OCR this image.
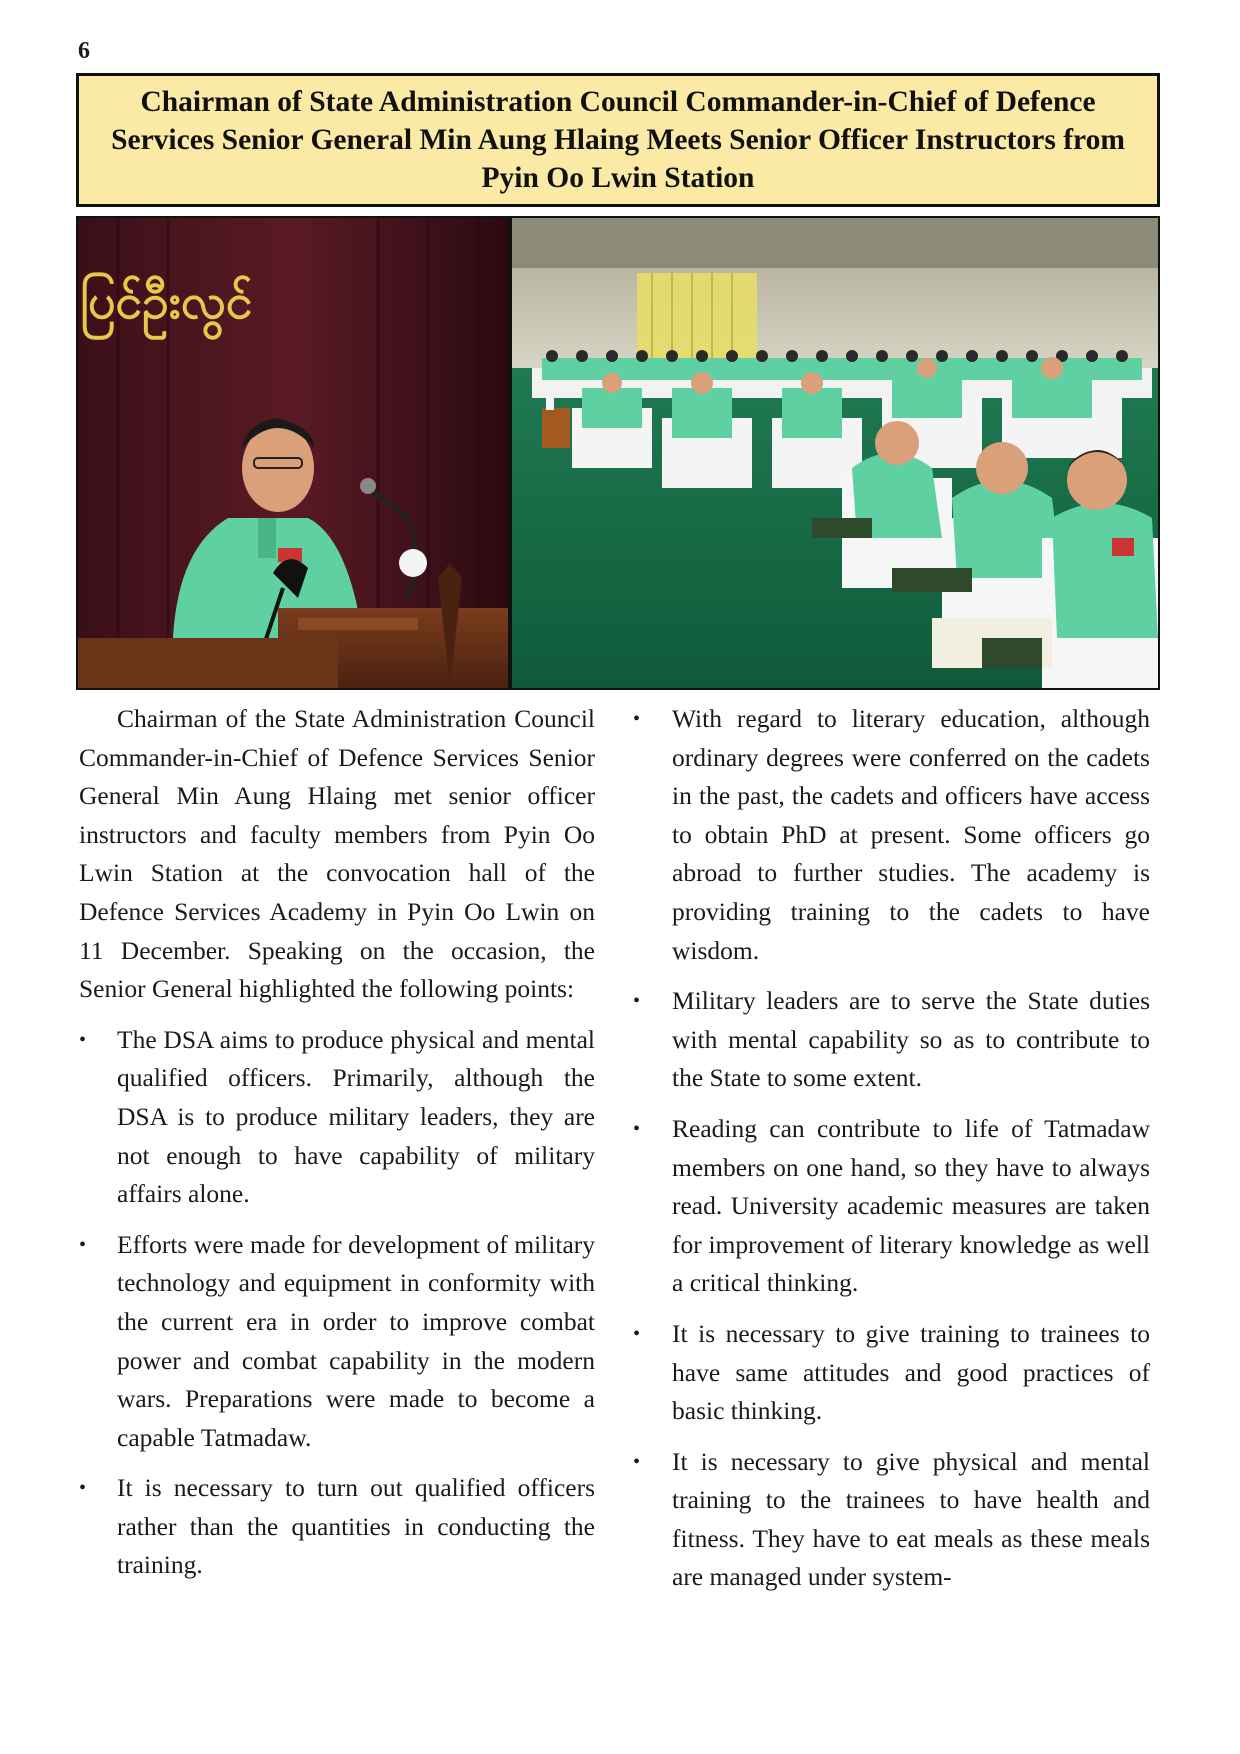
6
Chairman of State Administration Council Commander-in-Chief of Defence Services Senior General Min Aung Hlaing Meets Senior Officer Instructors from Pyin Oo Lwin Station
ပြင်ဦးလွင်

Chairman of the State Administration Council Commander-in-Chief of Defence Services Senior General Min Aung Hlaing met senior officer instructors and faculty members from Pyin Oo Lwin Station at the convocation hall of the Defence Services Academy in Pyin Oo Lwin on 11 December. Speaking on the occasion, the Senior General highlighted the following points:

• The DSA aims to produce physical and mental qualified officers. Primarily, although the DSA is to produce military leaders, they are not enough to have capability of military affairs alone.
• Efforts were made for development of military technology and equipment in conformity with the current era in order to improve combat power and combat capability in the modern wars. Preparations were made to become a capable Tatmadaw.
• It is necessary to turn out qualified officers rather than the quantities in conducting the training.
• With regard to literary education, although ordinary degrees were conferred on the cadets in the past, the cadets and officers have access to obtain PhD at present. Some officers go abroad to further studies. The academy is providing training to the cadets to have wisdom.
• Military leaders are to serve the State duties with mental capability so as to contribute to the State to some extent.
• Reading can contribute to life of Tatmadaw members on one hand, so they have to always read. University academic measures are taken for improvement of literary knowledge as well a critical thinking.
• It is necessary to give training to trainees to have same attitudes and good practices of basic thinking.
• It is necessary to give physical and mental training to the trainees to have health and fitness. They have to eat meals as these meals are managed under system-
